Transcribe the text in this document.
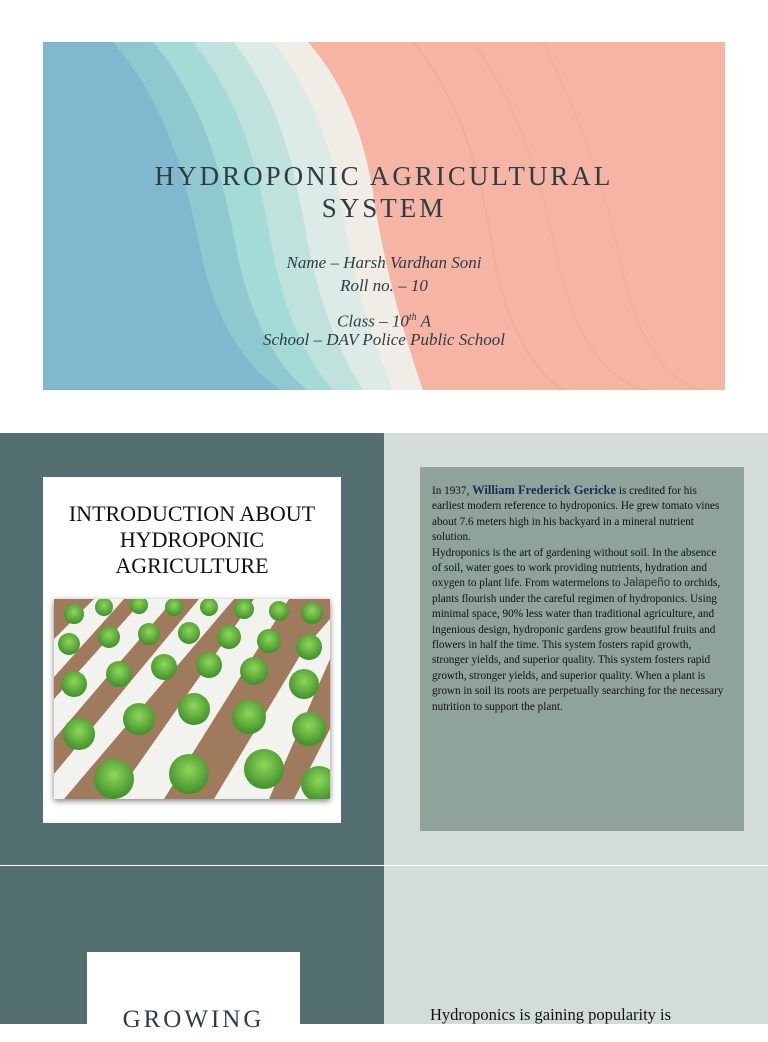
HYDROPONIC AGRICULTURAL
SYSTEM
Name – Harsh Vardhan Soni
Roll no. – 10
Class – 10th A
School – DAV Police Public School
INTRODUCTION ABOUT
HYDROPONIC
AGRICULTURE
In 1937, William Frederick Gericke is credited for his earliest modern reference to hydroponics. He grew tomato vines about 7.6 meters high in his backyard in a mineral nutrient solution.
Hydroponics is the art of gardening without soil. In the absence of soil, water goes to work providing nutrients, hydration and oxygen to plant life. From watermelons to Jalapeño to orchids, plants flourish under the careful regimen of hydroponics. Using minimal space, 90% less water than traditional agriculture, and ingenious design, hydroponic gardens grow beautiful fruits and flowers in half the time. This system fosters rapid growth, stronger yields, and superior quality. This system fosters rapid growth, stronger yields, and superior quality. When a plant is grown in soil its roots are perpetually searching for the necessary nutrition to support the plant.
GROWING	Hydroponics is gaining popularity is
